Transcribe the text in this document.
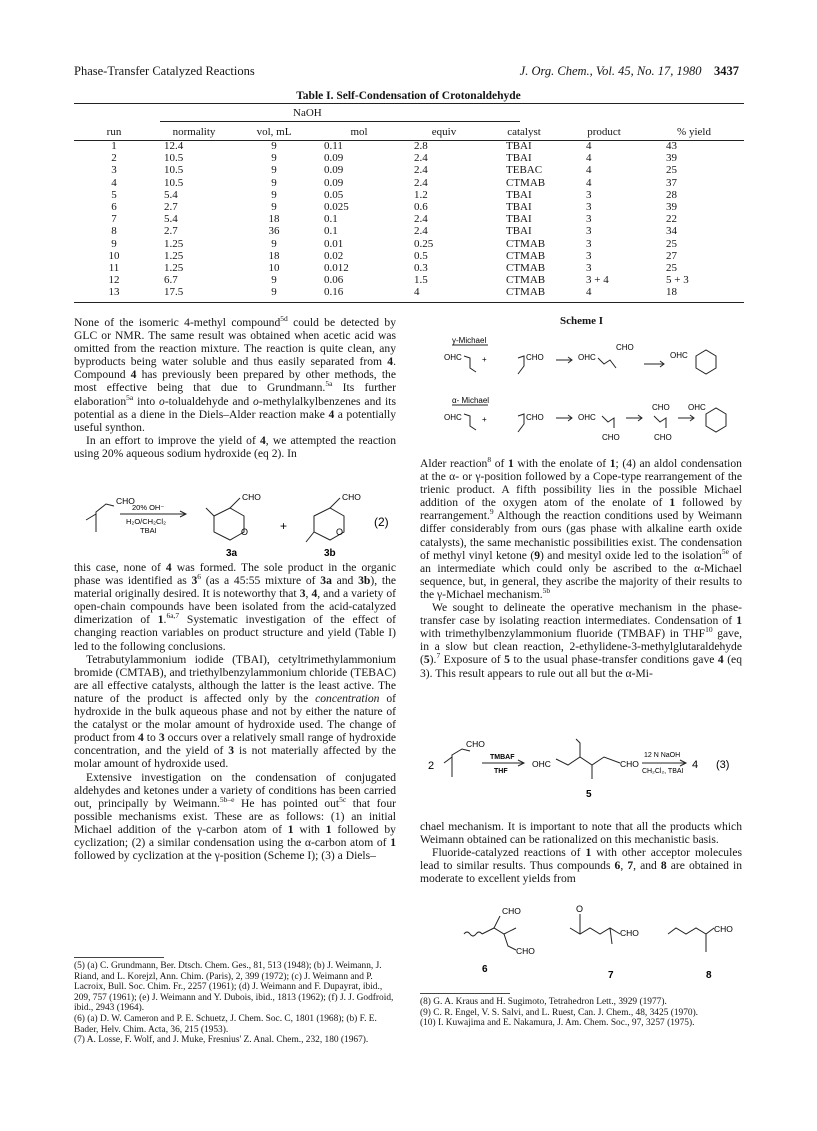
Phase-Transfer Catalyzed Reactions	J. Org. Chem., Vol. 45, No. 17, 1980 3437
Table I. Self-Condensation of Crotonaldehyde
NaOH
run	normality	vol, mL	mol	equiv	catalyst	product	% yield
1	12.4	9	0.11	2.8	TBAI	4	43
2	10.5	9	0.09	2.4	TBAI	4	39
3	10.5	9	0.09	2.4	TEBAC	4	25
4	10.5	9	0.09	2.4	CTMAB	4	37
5	5.4	9	0.05	1.2	TBAI	3	28
6	2.7	9	0.025	0.6	TBAI	3	39
7	5.4	18	0.1	2.4	TBAI	3	22
8	2.7	36	0.1	2.4	TBAI	3	34
9	1.25	9	0.01	0.25	CTMAB	3	25
10	1.25	18	0.02	0.5	CTMAB	3	27
11	1.25	10	0.012	0.3	CTMAB	3	25
12	6.7	9	0.06	1.5	CTMAB	3 + 4	5 + 3
13	17.5	9	0.16	4	CTMAB	4	18

None of the isomeric 4-methyl compound$^{5d}$ could be detected by GLC or NMR. The same result was obtained when acetic acid was omitted from the reaction mixture. The reaction is quite clean, any byproducts being water soluble and thus easily separated from 4. Compound 4 has previously been prepared by other methods, the most effective being that due to Grundmann.$^{5a}$ Its further elaboration$^{5a}$ into o-tolualdehyde and o-methylalkylbenzenes and its potential as a diene in the Diels–Alder reaction make 4 a potentially useful synthon.

In an effort to improve the yield of 4, we attempted the reaction using 20% aqueous sodium hydroxide (eq 2). In

CHO
20% OH⁻
H₂O/CH₂Cl₂
TBAI
CHO
O	+
CHO
O
(2)
3a	3b

this case, none of 4 was formed. The sole product in the organic phase was identified as $3^6$ (as a 45:55 mixture of 3a and 3b), the material originally desired. It is noteworthy that 3, 4, and a variety of open-chain compounds have been isolated from the acid-catalyzed dimerization of 1.$^{6a,7}$ Systematic investigation of the effect of changing reaction variables on product structure and yield (Table I) led to the following conclusions.

Tetrabutylammonium iodide (TBAI), cetyltrimethylammonium bromide (CMTAB), and triethylbenzylammonium chloride (TEBAC) are all effective catalysts, although the latter is the least active. The nature of the product is affected only by the concentration of hydroxide in the bulk aqueous phase and not by either the nature of the catalyst or the molar amount of hydroxide used. The change of product from 4 to 3 occurs over a relatively small range of hydroxide concentration, and the yield of 3 is not materially affected by the molar amount of hydroxide used.

Extensive investigation on the condensation of conjugated aldehydes and ketones under a variety of conditions has been carried out, principally by Weimann.$^{5b-e}$ He has pointed out$^{5c}$ that four possible mechanisms exist. These are as follows: (1) an initial Michael addition of the γ-carbon atom of 1 with 1 followed by cyclization; (2) a similar condensation using the α-carbon atom of 1 followed by cyclization at the γ-position (Scheme I); (3) a Diels–

Scheme I
γ-Michael
OHC	+	CHO	OHC
CHO
OHC
α- Michael
OHC	+	CHO	OHC
CHO
CHO
CHO
OHC

Alder reaction$^8$ of 1 with the enolate of 1; (4) an aldol condensation at the α- or γ-position followed by a Cope-type rearrangement of the trienic product. A fifth possibility lies in the possible Michael addition of the oxygen atom of the enolate of 1 followed by rearrangement.$^9$ Although the reaction conditions used by Weimann differ considerably from ours (gas phase with alkaline earth oxide catalysts), the same mechanistic possibilities exist. The condensation of methyl vinyl ketone (9) and mesityl oxide led to the isolation$^{5e}$ of an intermediate which could only be ascribed to the α-Michael sequence, but, in general, they ascribe the majority of their results to the γ-Michael mechanism.$^{5b}$

We sought to delineate the operative mechanism in the phase-transfer case by isolating reaction intermediates. Condensation of 1 with trimethylbenzylammonium fluoride (TMBAF) in THF$^{10}$ gave, in a slow but clean reaction, 2-ethylidene-3-methylglutaraldehyde (5).$^7$ Exposure of 5 to the usual phase-transfer conditions gave 4 (eq 3). This result appears to rule out all but the α-Mi-

2
CHO
TMBAF
THF
OHC	CHO
12 N NaOH
CH₂Cl₂, TBAI
4 (3)
5

chael mechanism. It is important to note that all the products which Weimann obtained can be rationalized on this mechanistic basis.

Fluoride-catalyzed reactions of 1 with other acceptor molecules lead to similar results. Thus compounds 6, 7, and 8 are obtained in moderate to excellent yields from

CHO
CHO
O
CHO	CHO
6
7	8

(5) (a) C. Grundmann, Ber. Dtsch. Chem. Ges., 81, 513 (1948); (b) J. Weimann, J. Riand, and L. Korejzl, Ann. Chim. (Paris), 2, 399 (1972); (c) J. Weimann and P. Lacroix, Bull. Soc. Chim. Fr., 2257 (1961); (d) J. Weimann and F. Dupayrat, ibid., 209, 757 (1961); (e) J. Weimann and Y. Dubois, ibid., 1813 (1962); (f) J. J. Godfroid, ibid., 2943 (1964).

(6) (a) D. W. Cameron and P. E. Schuetz, J. Chem. Soc. C, 1801 (1968); (b) F. E. Bader, Helv. Chim. Acta, 36, 215 (1953).

(7) A. Losse, F. Wolf, and J. Muke, Fresnius' Z. Anal. Chem., 232, 180 (1967).

(8) G. A. Kraus and H. Sugimoto, Tetrahedron Lett., 3929 (1977).

(9) C. R. Engel, V. S. Salvi, and L. Ruest, Can. J. Chem., 48, 3425 (1970).

(10) I. Kuwajima and E. Nakamura, J. Am. Chem. Soc., 97, 3257 (1975).
